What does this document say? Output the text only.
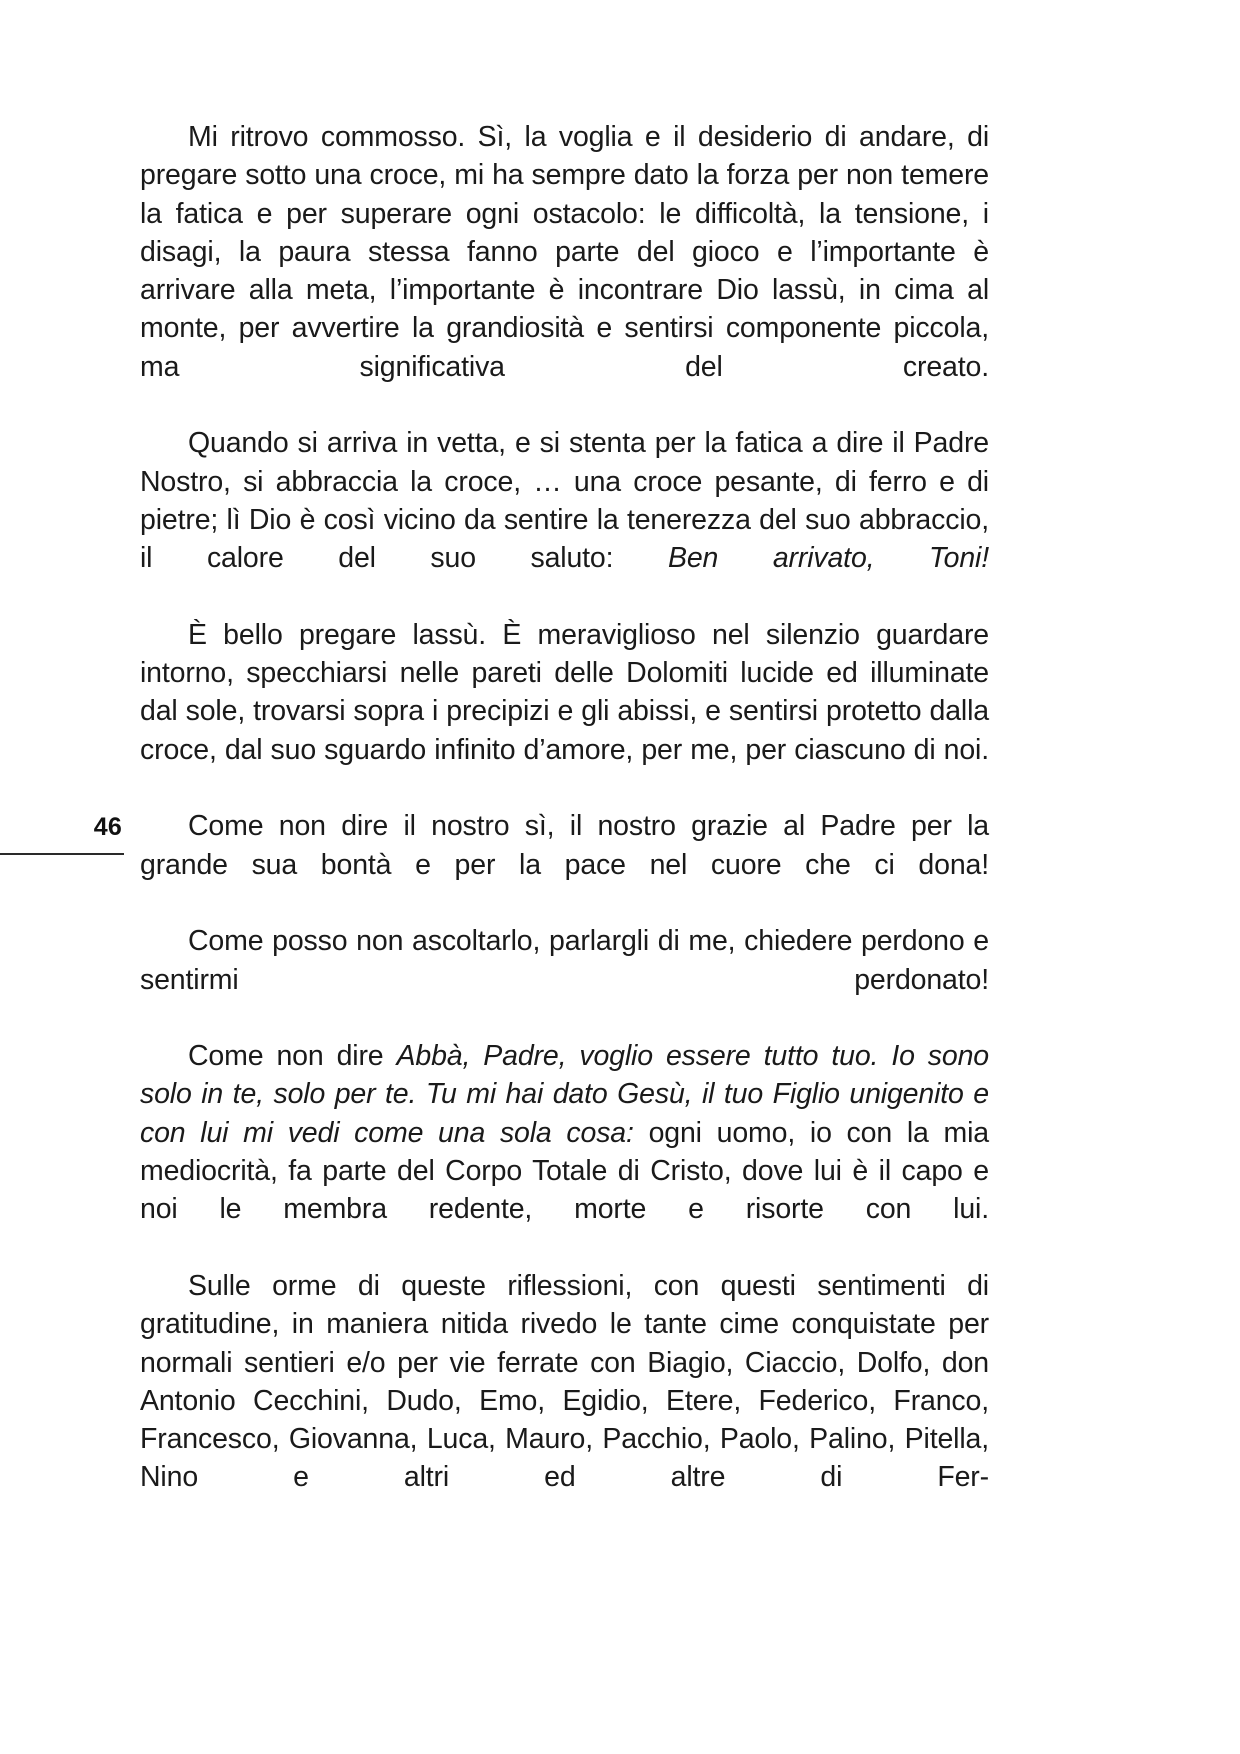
46

Mi ritrovo commosso. Sì, la voglia e il desiderio di andare, di pregare sotto una croce, mi ha sempre dato la forza per non temere la fatica e per superare ogni ostacolo: le difficoltà, la tensione, i disagi, la paura stessa fanno parte del gioco e l’importante è arrivare alla meta, l’importante è incontrare Dio lassù, in cima al monte, per avvertire la grandiosità e sentirsi componente piccola, ma significativa del creato.

Quando si arriva in vetta, e si stenta per la fatica a dire il Padre Nostro, si abbraccia la croce, … una croce pesante, di ferro e di pietre; lì Dio è così vicino da sentire la tenerezza del suo abbraccio, il calore del suo saluto: Ben arrivato, Toni!

È bello pregare lassù. È meraviglioso nel silenzio guardare intorno, specchiarsi nelle pareti delle Dolomiti lucide ed illuminate dal sole, trovarsi sopra i precipizi e gli abissi, e sentirsi protetto dalla croce, dal suo sguardo infinito d’amore, per me, per ciascuno di noi.

Come non dire il nostro sì, il nostro grazie al Padre per la grande sua bontà e per la pace nel cuore che ci dona!

Come posso non ascoltarlo, parlargli di me, chiedere perdono e sentirmi perdonato!

Come non dire Abbà, Padre, voglio essere tutto tuo. Io sono solo in te, solo per te. Tu mi hai dato Gesù, il tuo Figlio unigenito e con lui mi vedi come una sola cosa: ogni uomo, io con la mia mediocrità, fa parte del Corpo Totale di Cristo, dove lui è il capo e noi le membra redente, morte e risorte con lui.

Sulle orme di queste riflessioni, con questi sentimenti di gratitudine, in maniera nitida rivedo le tante cime conquistate per normali sentieri e/o per vie ferrate con Biagio, Ciaccio, Dolfo, don Antonio Cecchini, Dudo, Emo, Egidio, Etere, Federico, Franco, Francesco, Giovanna, Luca, Mauro, Pacchio, Paolo, Palino, Pitella, Nino e altri ed altre di Fer-
